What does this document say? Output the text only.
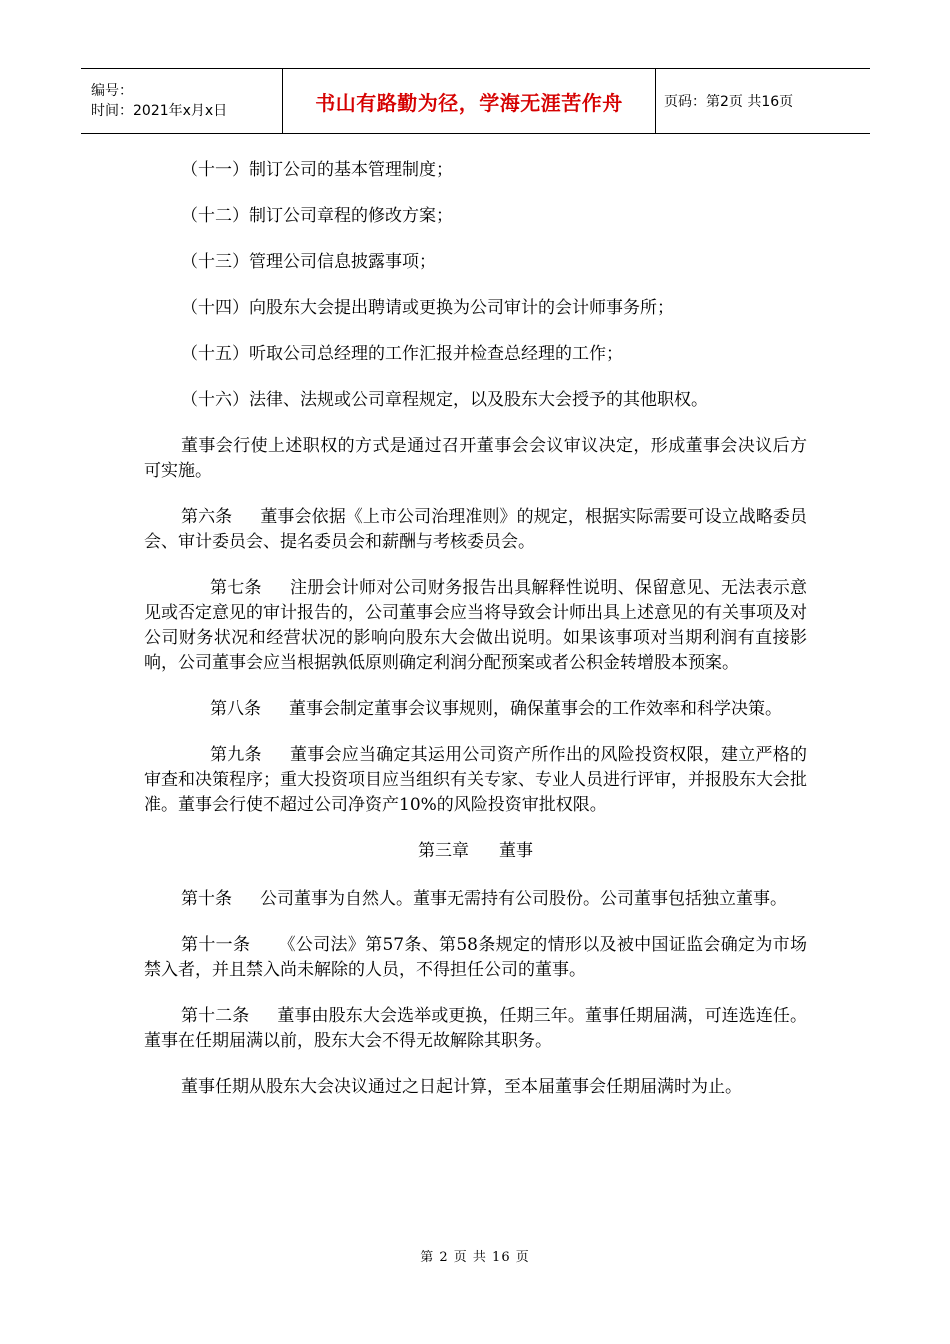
编号：
时间：2021年x月x日	书山有路勤为径，学海无涯苦作舟	页码：第2页 共16页

（十一）制订公司的基本管理制度；

（十二）制订公司章程的修改方案；

（十三）管理公司信息披露事项；

（十四）向股东大会提出聘请或更换为公司审计的会计师事务所；

（十五）听取公司总经理的工作汇报并检查总经理的工作；

（十六）法律、法规或公司章程规定，以及股东大会授予的其他职权。

董事会行使上述职权的方式是通过召开董事会会议审议决定，形成董事会决议后方可实施。

第六条 董事会依据《上市公司治理准则》的规定，根据实际需要可设立战略委员会、审计委员会、提名委员会和薪酬与考核委员会。

第七条 注册会计师对公司财务报告出具解释性说明、保留意见、无法表示意见或否定意见的审计报告的，公司董事会应当将导致会计师出具上述意见的有关事项及对公司财务状况和经营状况的影响向股东大会做出说明。如果该事项对当期利润有直接影响，公司董事会应当根据孰低原则确定利润分配预案或者公积金转增股本预案。

第八条 董事会制定董事会议事规则，确保董事会的工作效率和科学决策。

第九条 董事会应当确定其运用公司资产所作出的风险投资权限，建立严格的审查和决策程序；重大投资项目应当组织有关专家、专业人员进行评审，并报股东大会批准。董事会行使不超过公司净资产10%的风险投资审批权限。

第三章 董事

第十条 公司董事为自然人。董事无需持有公司股份。公司董事包括独立董事。

第十一条 《公司法》第57条、第58条规定的情形以及被中国证监会确定为市场禁入者，并且禁入尚未解除的人员，不得担任公司的董事。

第十二条 董事由股东大会选举或更换，任期三年。董事任期届满，可连选连任。董事在任期届满以前，股东大会不得无故解除其职务。

董事任期从股东大会决议通过之日起计算，至本届董事会任期届满时为止。

第 2 页 共 16 页
